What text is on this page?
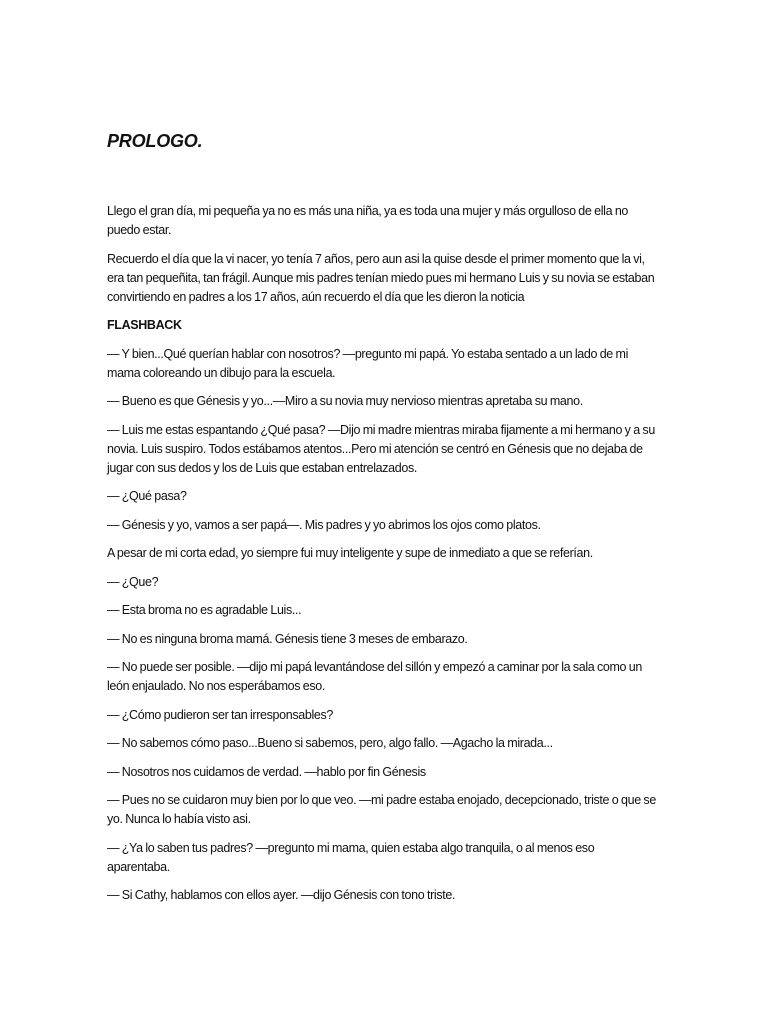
PROLOGO.

Llego el gran día, mi pequeña ya no es más una niña, ya es toda una mujer y más orgulloso de ella no puedo estar.

Recuerdo el día que la vi nacer, yo tenía 7 años, pero aun asi la quise desde el primer momento que la vi, era tan pequeñita, tan frágil. Aunque mis padres tenían miedo pues mi hermano Luis y su novia se estaban convirtiendo en padres a los 17 años, aún recuerdo el día que les dieron la noticia

FLASHBACK

— Y bien...Qué querían hablar con nosotros? —pregunto mi papá. Yo estaba sentado a un lado de mi mama coloreando un dibujo para la escuela.

— Bueno es que Génesis y yo...—Miro a su novia muy nervioso mientras apretaba su mano.

— Luis me estas espantando ¿Qué pasa? —Dijo mi madre mientras miraba fijamente a mi hermano y a su novia. Luis suspiro. Todos estábamos atentos...Pero mi atención se centró en Génesis que no dejaba de jugar con sus dedos y los de Luis que estaban entrelazados.

— ¿Qué pasa?

— Génesis y yo, vamos a ser papá—. Mis padres y yo abrimos los ojos como platos.

A pesar de mi corta edad, yo siempre fui muy inteligente y supe de inmediato a que se referían.

— ¿Que?

— Esta broma no es agradable Luis...

— No es ninguna broma mamá. Génesis tiene 3 meses de embarazo.

— No puede ser posible. —dijo mi papá levantándose del sillón y empezó a caminar por la sala como un león enjaulado. No nos esperábamos eso.

— ¿Cómo pudieron ser tan irresponsables?

— No sabemos cómo paso...Bueno si sabemos, pero, algo fallo. —Agacho la mirada...

— Nosotros nos cuidamos de verdad. —hablo por fin Génesis

— Pues no se cuidaron muy bien por lo que veo. —mi padre estaba enojado, decepcionado, triste o que se yo. Nunca lo había visto asi.

— ¿Ya lo saben tus padres? —pregunto mi mama, quien estaba algo tranquila, o al menos eso aparentaba.

— Si Cathy, hablamos con ellos ayer. —dijo Génesis con tono triste.
